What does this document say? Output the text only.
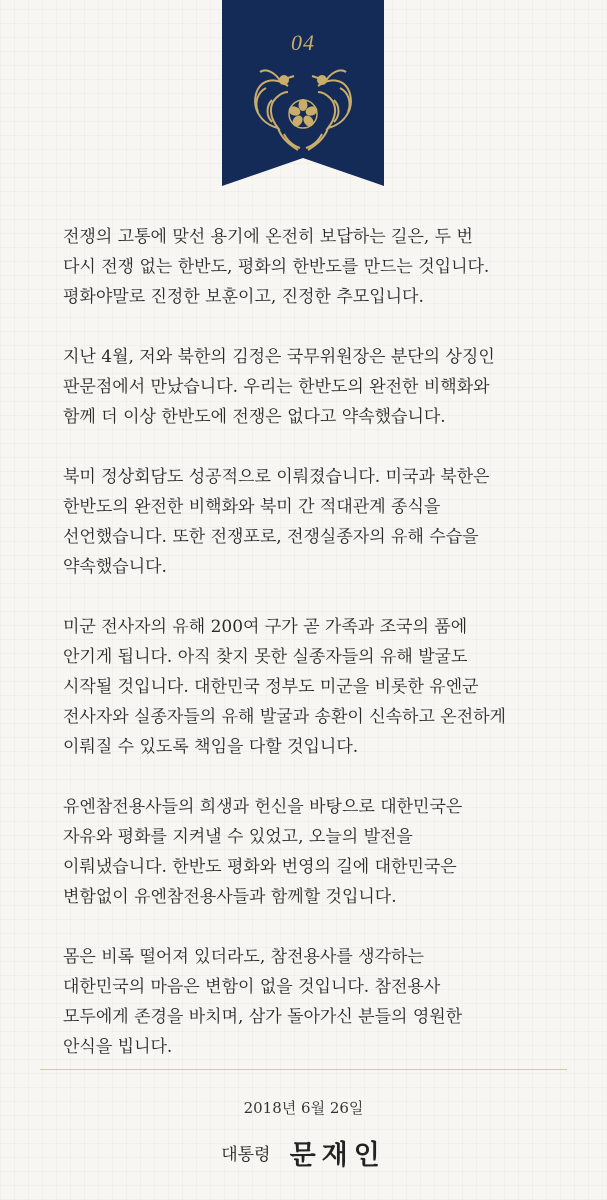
04
전쟁의 고통에 맞선 용기에 온전히 보답하는 길은, 두 번
다시 전쟁 없는 한반도, 평화의 한반도를 만드는 것입니다.
평화야말로 진정한 보훈이고, 진정한 추모입니다.
지난 4월, 저와 북한의 김정은 국무위원장은 분단의 상징인
판문점에서 만났습니다. 우리는 한반도의 완전한 비핵화와
함께 더 이상 한반도에 전쟁은 없다고 약속했습니다.
북미 정상회담도 성공적으로 이뤄졌습니다. 미국과 북한은
한반도의 완전한 비핵화와 북미 간 적대관계 종식을
선언했습니다. 또한 전쟁포로, 전쟁실종자의 유해 수습을
약속했습니다.
미군 전사자의 유해 200여 구가 곧 가족과 조국의 품에
안기게 됩니다. 아직 찾지 못한 실종자들의 유해 발굴도
시작될 것입니다. 대한민국 정부도 미군을 비롯한 유엔군
전사자와 실종자들의 유해 발굴과 송환이 신속하고 온전하게
이뤄질 수 있도록 책임을 다할 것입니다.
유엔참전용사들의 희생과 헌신을 바탕으로 대한민국은
자유와 평화를 지켜낼 수 있었고, 오늘의 발전을
이뤄냈습니다. 한반도 평화와 번영의 길에 대한민국은
변함없이 유엔참전용사들과 함께할 것입니다.
몸은 비록 떨어져 있더라도, 참전용사를 생각하는
대한민국의 마음은 변함이 없을 것입니다. 참전용사
모두에게 존경을 바치며, 삼가 돌아가신 분들의 영원한
안식을 빕니다.
2018년 6월 26일
대통령 문재인
